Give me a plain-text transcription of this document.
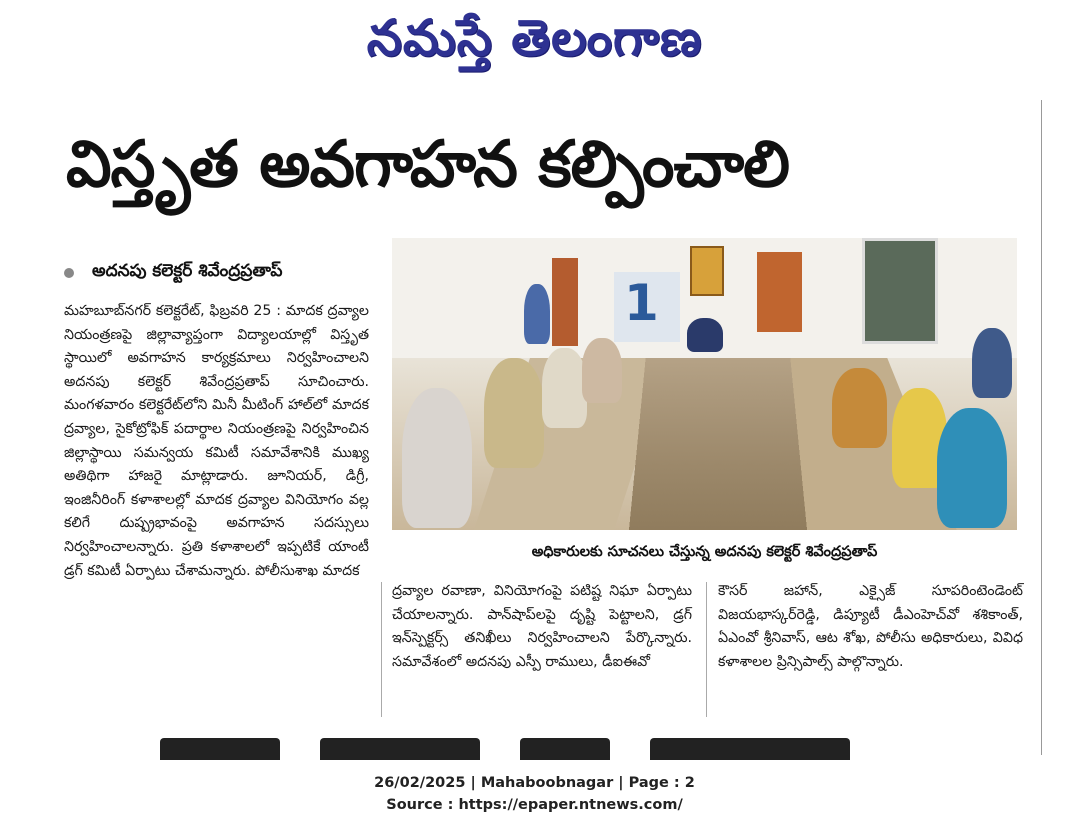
నమస్తే తెలంగాణ
విస్తృత అవగాహన కల్పించాలి
అదనపు కలెక్టర్ శివేంద్రప్రతాప్
మహబూబ్‌నగర్ కలెక్టరేట్, ఫిబ్రవరి 25 : మాదక ద్రవ్యాల నియంత్రణపై జిల్లావ్యాప్తంగా విద్యాలయాల్లో విస్తృత స్థాయిలో అవగాహన కార్యక్రమాలు నిర్వహించాలని అదనపు కలెక్టర్ శివేంద్రప్రతాప్ సూచించారు. మంగళవారం కలెక్టరేట్‌లోని మినీ మీటింగ్ హాల్‌లో మాదక ద్రవ్యాల, సైకోట్రోఫిక్ పదార్థాల నియంత్రణపై నిర్వహించిన జిల్లాస్థాయి సమన్వయ కమిటీ సమావేశానికి ముఖ్య అతిథిగా హాజరై మాట్లాడారు. జూనియర్, డిగ్రీ, ఇంజినీరింగ్ కళాశాలల్లో మాదక ద్రవ్యాల వినియోగం వల్ల కలిగే దుష్ప్రభావంపై అవగాహన సదస్సులు నిర్వహించాలన్నారు. ప్రతి కళాశాలలో ఇప్పటికే యాంటీ డ్రగ్ కమిటీ ఏర్పాటు చేశామన్నారు. పోలీసుశాఖ మాదక
1
అధికారులకు సూచనలు చేస్తున్న అదనపు కలెక్టర్ శివేంద్రప్రతాప్
ద్రవ్యాల రవాణా, వినియోగంపై పటిష్ట నిఘా ఏర్పాటు చేయాలన్నారు. పాన్‌షాప్‌లపై దృష్టి పెట్టాలని, డ్రగ్ ఇన్‌స్పెక్టర్స్ తనిఖీలు నిర్వహించాలని పేర్కొన్నారు. సమావేశంలో అదనపు ఎస్పీ రాములు, డీఐఈవో
కౌసర్ జహాన్, ఎక్సైజ్ సూపరింటెండెంట్ విజయభాస్కర్‌రెడ్డి, డిప్యూటీ డీఎంహెచ్‌వో శశికాంత్, ఏఎంవో శ్రీనివాస్, ఆట శోఖ, పోలీసు అధికారులు, వివిధ కళాశాలల ప్రిన్సిపాల్స్ పాల్గొన్నారు.
26/02/2025 | Mahaboobnagar | Page : 2
Source : https://epaper.ntnews.com/
